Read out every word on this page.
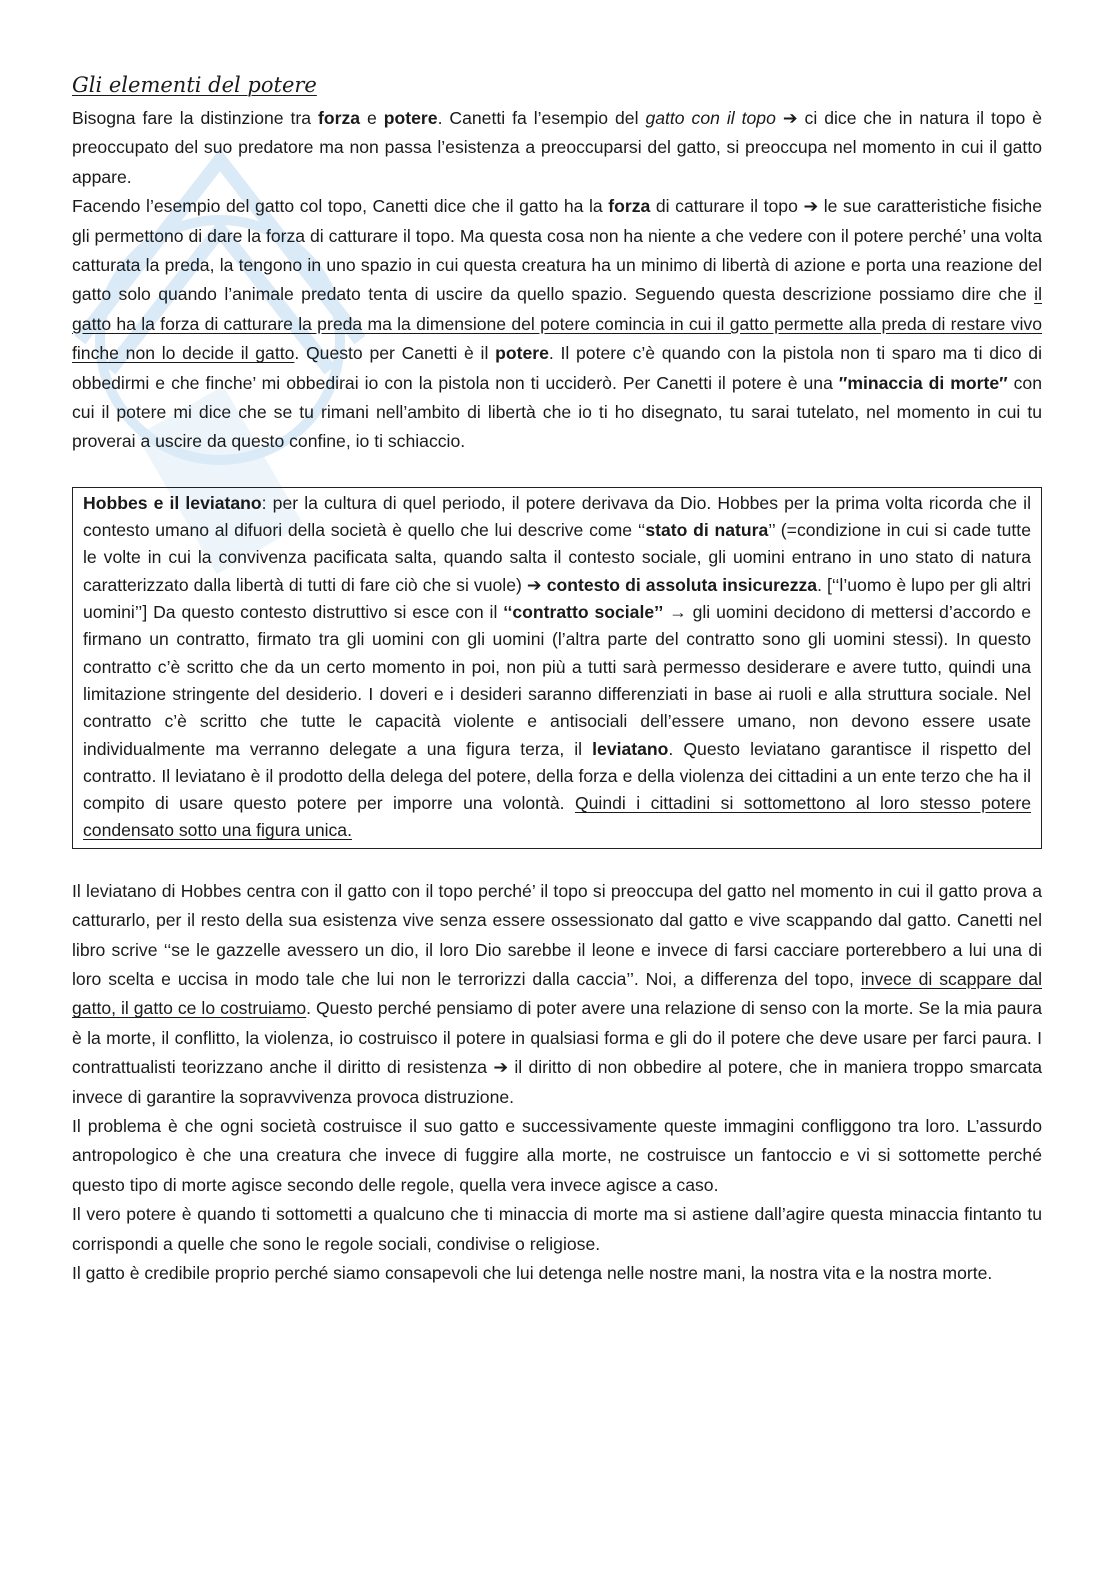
Gli elementi del potere

Bisogna fare la distinzione tra forza e potere. Canetti fa l’esempio del gatto con il topo ➔ ci dice che in natura il topo è preoccupato del suo predatore ma non passa l’esistenza a preoccuparsi del gatto, si preoccupa nel momento in cui il gatto appare.

Facendo l’esempio del gatto col topo, Canetti dice che il gatto ha la forza di catturare il topo ➔ le sue caratteristiche fisiche gli permettono di dare la forza di catturare il topo. Ma questa cosa non ha niente a che vedere con il potere perché’ una volta catturata la preda, la tengono in uno spazio in cui questa creatura ha un minimo di libertà di azione e porta una reazione del gatto solo quando l’animale predato tenta di uscire da quello spazio. Seguendo questa descrizione possiamo dire che il gatto ha la forza di catturare la preda ma la dimensione del potere comincia in cui il gatto permette alla preda di restare vivo finche non lo decide il gatto. Questo per Canetti è il potere. Il potere c’è quando con la pistola non ti sparo ma ti dico di obbedirmi e che finche’ mi obbedirai io con la pistola non ti ucciderò. Per Canetti il potere è una ″minaccia di morte′′ con cui il potere mi dice che se tu rimani nell’ambito di libertà che io ti ho disegnato, tu sarai tutelato, nel momento in cui tu proverai a uscire da questo confine, io ti schiaccio.

Hobbes e il leviatano: per la cultura di quel periodo, il potere derivava da Dio. Hobbes per la prima volta ricorda che il contesto umano al difuori della società è quello che lui descrive come ‘‘stato di natura’’ (=condizione in cui si cade tutte le volte in cui la convivenza pacificata salta, quando salta il contesto sociale, gli uomini entrano in uno stato di natura caratterizzato dalla libertà di tutti di fare ciò che si vuole) ➔ contesto di assoluta insicurezza. [‘‘l’uomo è lupo per gli altri uomini’’] Da questo contesto distruttivo si esce con il ‘‘contratto sociale’’ → gli uomini decidono di mettersi d’accordo e firmano un contratto, firmato tra gli uomini con gli uomini (l’altra parte del contratto sono gli uomini stessi). In questo contratto c’è scritto che da un certo momento in poi, non più a tutti sarà permesso desiderare e avere tutto, quindi una limitazione stringente del desiderio. I doveri e i desideri saranno differenziati in base ai ruoli e alla struttura sociale. Nel contratto c’è scritto che tutte le capacità violente e antisociali dell’essere umano, non devono essere usate individualmente ma verranno delegate a una figura terza, il leviatano. Questo leviatano garantisce il rispetto del contratto. Il leviatano è il prodotto della delega del potere, della forza e della violenza dei cittadini a un ente terzo che ha il compito di usare questo potere per imporre una volontà. Quindi i cittadini si sottomettono al loro stesso potere condensato sotto una figura unica.

Il leviatano di Hobbes centra con il gatto con il topo perché’ il topo si preoccupa del gatto nel momento in cui il gatto prova a catturarlo, per il resto della sua esistenza vive senza essere ossessionato dal gatto e vive scappando dal gatto. Canetti nel libro scrive ‘‘se le gazzelle avessero un dio, il loro Dio sarebbe il leone e invece di farsi cacciare porterebbero a lui una di loro scelta e uccisa in modo tale che lui non le terrorizzi dalla caccia’’. Noi, a differenza del topo, invece di scappare dal gatto, il gatto ce lo costruiamo. Questo perché pensiamo di poter avere una relazione di senso con la morte. Se la mia paura è la morte, il conflitto, la violenza, io costruisco il potere in qualsiasi forma e gli do il potere che deve usare per farci paura. I contrattualisti teorizzano anche il diritto di resistenza ➔ il diritto di non obbedire al potere, che in maniera troppo smarcata invece di garantire la sopravvivenza provoca distruzione.

Il problema è che ogni società costruisce il suo gatto e successivamente queste immagini confliggono tra loro. L’assurdo antropologico è che una creatura che invece di fuggire alla morte, ne costruisce un fantoccio e vi si sottomette perché questo tipo di morte agisce secondo delle regole, quella vera invece agisce a caso.

Il vero potere è quando ti sottometti a qualcuno che ti minaccia di morte ma si astiene dall’agire questa minaccia fintanto tu corrispondi a quelle che sono le regole sociali, condivise o religiose.

Il gatto è credibile proprio perché siamo consapevoli che lui detenga nelle nostre mani, la nostra vita e la nostra morte.
